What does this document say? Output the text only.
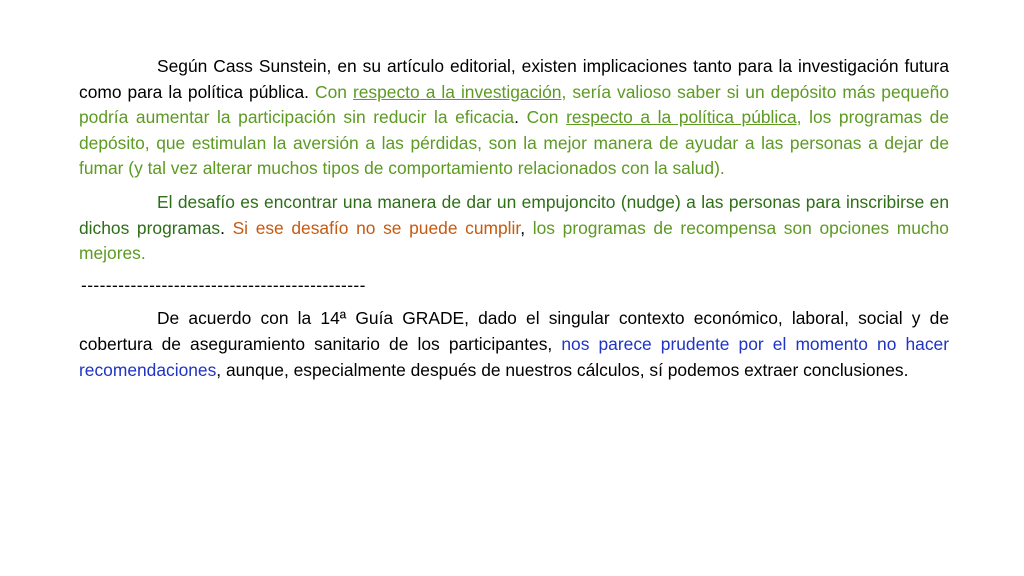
Según Cass Sunstein, en su artículo editorial, existen implicaciones tanto para la investigación futura como para la política pública. Con respecto a la investigación, sería valioso saber si un depósito más pequeño podría aumentar la participación sin reducir la eficacia. Con respecto a la política pública, los programas de depósito, que estimulan la aversión a las pérdidas, son la mejor manera de ayudar a las personas a dejar de fumar (y tal vez alterar muchos tipos de comportamiento relacionados con la salud).

El desafío es encontrar una manera de dar un empujoncito (nudge) a las personas para inscribirse en dichos programas. Si ese desafío no se puede cumplir, los programas de recompensa son opciones mucho mejores.

----------------------------------------------

De acuerdo con la 14ª Guía GRADE, dado el singular contexto económico, laboral, social y de cobertura de aseguramiento sanitario de los participantes, nos parece prudente por el momento no hacer recomendaciones, aunque, especialmente después de nuestros cálculos, sí podemos extraer conclusiones.
